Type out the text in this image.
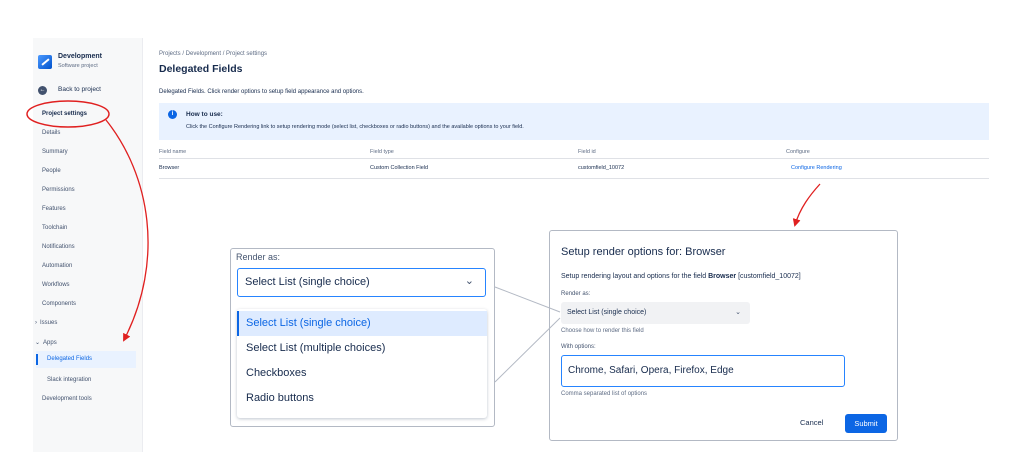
Development
Software project
← Back to project
Project settings
Details
Summary
People
Permissions
Features
Toolchain
Notifications
Automation
Workflows
Components
› Issues
⌄ Apps
Delegated Fields
Slack integration
Development tools
Projects / Development / Project settings
Delegated Fields
Delegated Fields. Click render options to setup field appearance and options.
i	How to use:
Click the Configure Rendering link to setup rendering mode (select list, checkboxes or radio buttons) and the available options to your field.
Field name	Field type	Field id	Configure
Browser	Custom Collection Field	customfield_10072	Configure Rendering
Render as:
Select List (single choice)	⌄
Select List (single choice)
Select List (multiple choices)
Checkboxes
Radio buttons
Setup render options for: Browser
Setup rendering layout and options for the field Browser [customfield_10072]
Render as:
Select List (single choice)	⌄
Choose how to render this field
With options:
Chrome, Safari, Opera, Firefox, Edge
Comma separated list of options
Cancel	Submit
